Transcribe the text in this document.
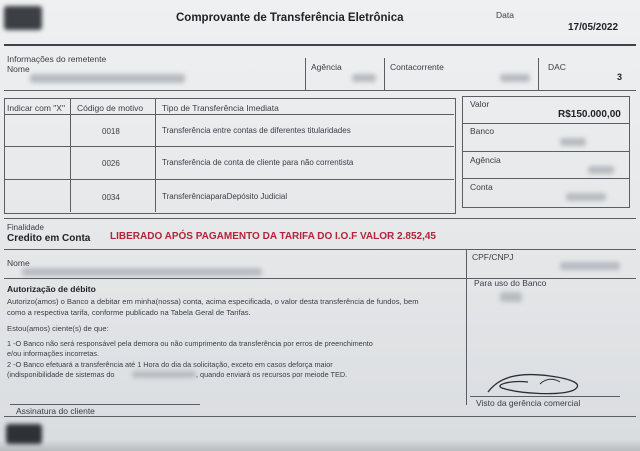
Comprovante de Transferência Eletrônica	Data
17/05/2022
Informações do remetente
Nome	Agência	Contacorrente	DAC
3
Indicar com "X" Código de motivo Tipo de Transferência Imediata
0018	Transferência entre contas de diferentes titularidades
0026	Transferência de conta de cliente para não correntista
0034	TransferênciaparaDepósito Judicial
Valor
R$150.000,00
Banco
Agência
Conta
Finalidade
Credito em Conta LIBERADO APÓS PAGAMENTO DA TARIFA DO I.O.F VALOR 2.852,45
Nome
CPF/CNPJ
Autorização de débito
Autorizo(amos) o Banco a debitar em minha(nossa) conta, acima especificada, o valor desta transferência de fundos, bem
como a respectiva tarifa, conforme publicado na Tabela Geral de Tarifas.
Estou(amos) ciente(s) de que:
1 -O Banco não será responsável pela demora ou não cumprimento da transferência por erros de preenchimento
e/ou informações incorretas.
2 -O Banco efetuará a transferência até 1 Hora do dia da solicitação, exceto em casos deforça maior
(indisponibilidade de sistemas do	, quando enviará os recursos por meiode TED.
Para uso do Banco
Visto da gerência comercial
Assinatura do cliente
